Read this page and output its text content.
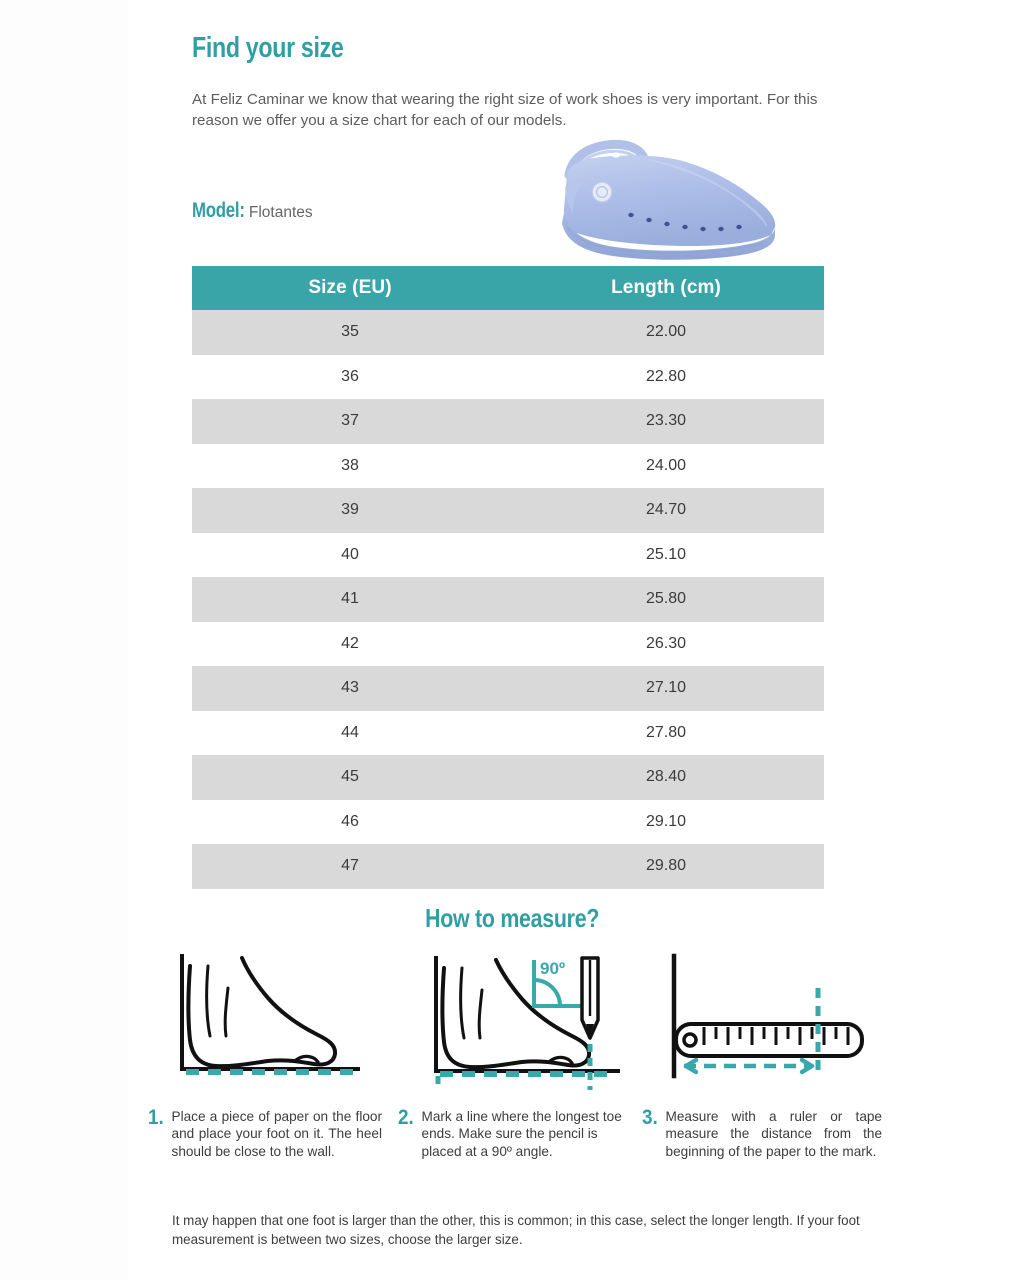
Find your size
At Feliz Caminar we know that wearing the right size of work shoes is very important. For this reason we offer you a size chart for each of our models.
Model: Flotantes
Size (EU)	Length (cm)
35	22.00
36	22.80
37	23.30
38	24.00
39	24.70
40	25.10
41	25.80
42	26.30
43	27.10
44	27.80
45	28.40
46	29.10
47	29.80
How to measure?
90º
1. Place a piece of paper on the floor and place your foot on it. The heel should be close to the wall.
2. Mark a line where the longest toe ends. Make sure the pencil is placed at a 90º angle.
3. Measure with a ruler or tape measure the distance from the beginning of the paper to the mark.
It may happen that one foot is larger than the other, this is common; in this case, select the longer length. If your foot measurement is between two sizes, choose the larger size.
